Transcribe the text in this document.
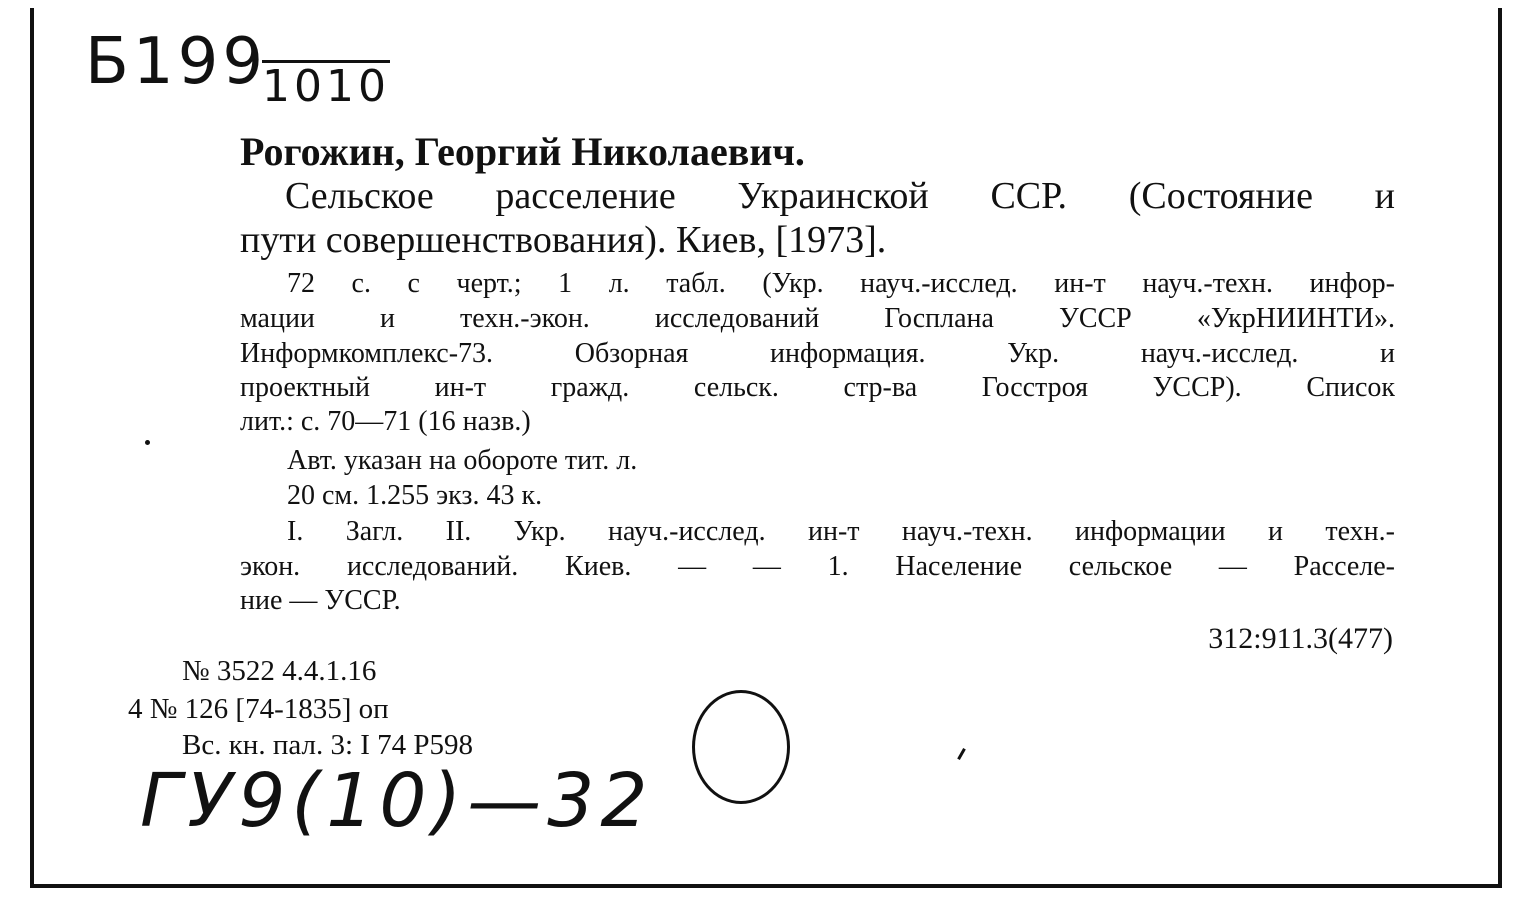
Б199
1010
Рогожин, Георгий Николаевич.
Сельское расселение Украинской ССР. (Состояние и
пути совершенствования). Киев, [1973].
72 с. с черт.; 1 л. табл. (Укр. науч.-исслед. ин-т науч.-техн. инфор-
мации и техн.-экон. исследований Госплана УССР «УкрНИИНТИ».
Информкомплекс-73. Обзорная информация. Укр. науч.-исслед. и
проектный ин-т гражд. сельск. стр-ва Госстроя УССР). Список
лит.: с. 70—71 (16 назв.)
Авт. указан на обороте тит. л.
20 см. 1.255 экз. 43 к.
I. Загл. II. Укр. науч.-исслед. ин-т науч.-техн. информации и техн.-
экон. исследований. Киев. — — 1. Население сельское — Расселе-
ние — УССР.
312:911.3(477)
№ 3522 4.4.1.16
4 № 126 [74-1835] оп
Вс. кн. пал. 3: I 74 Р598
ГУ9(10)—32
